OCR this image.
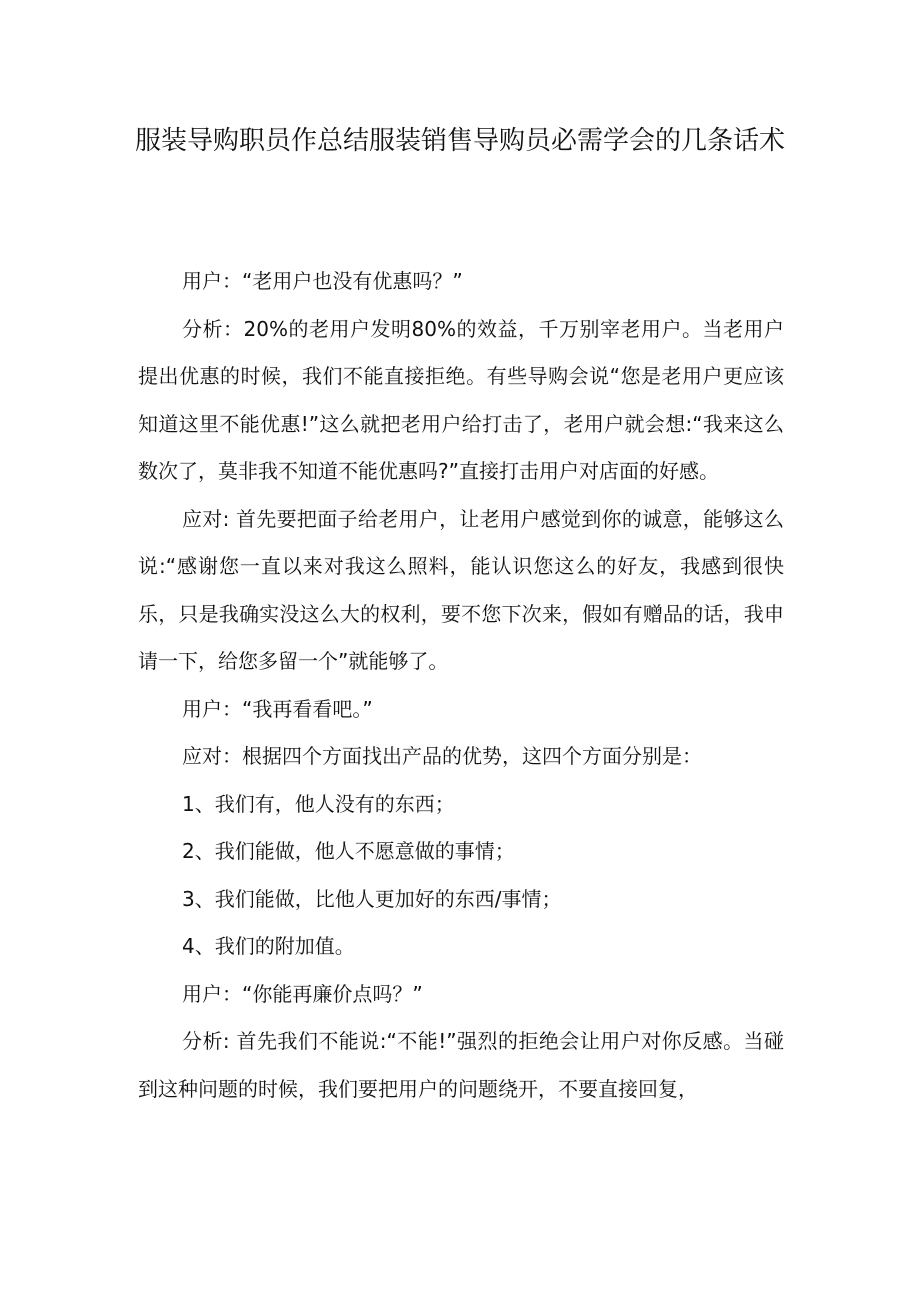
服装导购职员作总结服装销售导购员必需学会的几条话术

用户：“老用户也没有优惠吗？”

分析：20%的老用户发明80%的效益，千万别宰老用户。当老用户提出优惠的时候，我们不能直接拒绝。有些导购会说“您是老用户更应该知道这里不能优惠!”这么就把老用户给打击了，老用户就会想:“我来这么数次了，莫非我不知道不能优惠吗?”直接打击用户对店面的好感。

应对: 首先要把面子给老用户，让老用户感觉到你的诚意，能够这么说:“感谢您一直以来对我这么照料，能认识您这么的好友，我感到很快乐，只是我确实没这么大的权利，要不您下次来，假如有赠品的话，我申请一下，给您多留一个”就能够了。

用户：“我再看看吧。”

应对：根据四个方面找出产品的优势，这四个方面分别是：

1、我们有，他人没有的东西；

2、我们能做，他人不愿意做的事情；

3、我们能做，比他人更加好的东西/事情；

4、我们的附加值。

用户：“你能再廉价点吗？”

分析: 首先我们不能说:“不能!”强烈的拒绝会让用户对你反感。当碰到这种问题的时候，我们要把用户的问题绕开，不要直接回复，
